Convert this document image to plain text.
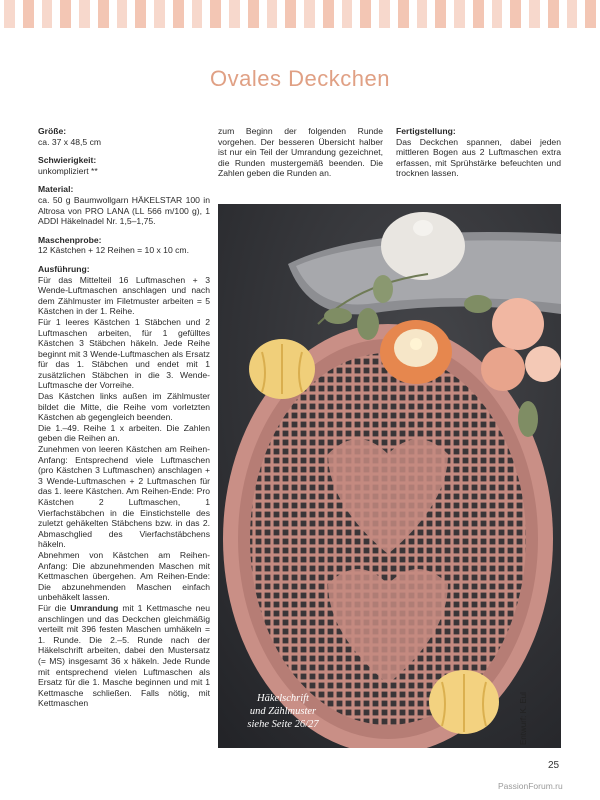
Ovales Deckchen

Größe:
ca. 37 x 48,5 cm

Schwierigkeit:
unkompliziert **

Material:
ca. 50 g Baumwollgarn HÄKELSTAR 100 in Altrosa von PRO LANA (LL 566 m/100 g), 1 ADDI Häkelnadel Nr. 1,5–1,75.

Maschenprobe:
12 Kästchen + 12 Reihen = 10 x 10 cm.

Ausführung:
Für das Mittelteil 16 Luftmaschen + 3 Wende-Luftmaschen anschlagen und nach dem Zählmuster im Filetmuster arbeiten = 5 Kästchen in der 1. Reihe.
Für 1 leeres Kästchen 1 Stäbchen und 2 Luftmaschen arbeiten, für 1 gefülltes Kästchen 3 Stäbchen häkeln. Jede Reihe beginnt mit 3 Wende-Luftmaschen als Ersatz für das 1. Stäbchen und endet mit 1 zusätzlichen Stäbchen in die 3. Wende-Luftmasche der Vorreihe.
Das Kästchen links außen im Zählmuster bildet die Mitte, die Reihe vom vorletzten Kästchen ab gegengleich beenden.
Die 1.–49. Reihe 1 x arbeiten. Die Zahlen geben die Reihen an.
Zunehmen von leeren Kästchen am Reihen-Anfang: Entsprechend viele Luftmaschen (pro Kästchen 3 Luftmaschen) anschlagen + 3 Wende-Luftmaschen + 2 Luftmaschen für das 1. leere Kästchen. Am Reihen-Ende: Pro Kästchen 2 Luftmaschen, 1 Vierfachstäbchen in die Einstichstelle des zuletzt gehäkelten Stäbchens bzw. in das 2. Abmaschglied des Vierfachstäbchens häkeln.
Abnehmen von Kästchen am Reihen-Anfang: Die abzunehmenden Maschen mit Kettmaschen übergehen. Am Reihen-Ende: Die abzunehmenden Maschen einfach unbehäkelt lassen.
Für die Umrandung mit 1 Kettmasche neu anschlingen und das Deckchen gleichmäßig verteilt mit 396 festen Maschen umhäkeln = 1. Runde. Die 2.–5. Runde nach der Häkelschrift arbeiten, dabei den Mustersatz (= MS) insgesamt 36 x häkeln. Jede Runde mit entsprechend vielen Luftmaschen als Ersatz für die 1. Masche beginnen und mit 1 Kettmasche schließen. Falls nötig, mit Kettmaschen
zum Beginn der folgenden Runde vorgehen. Der besseren Übersicht halber ist nur ein Teil der Umrandung gezeichnet, die Runden mustergemäß beenden. Die Zahlen geben die Runden an.
Fertigstellung:
Das Deckchen spannen, dabei jeden mittleren Bogen aus 2 Luftmaschen extra erfassen, mit Sprühstärke befeuchten und trocknen lassen.
Häkelschrift
und Zählmuster
siehe Seite 26/27	Entwurf: K. Eul
25
PassionForum.ru
